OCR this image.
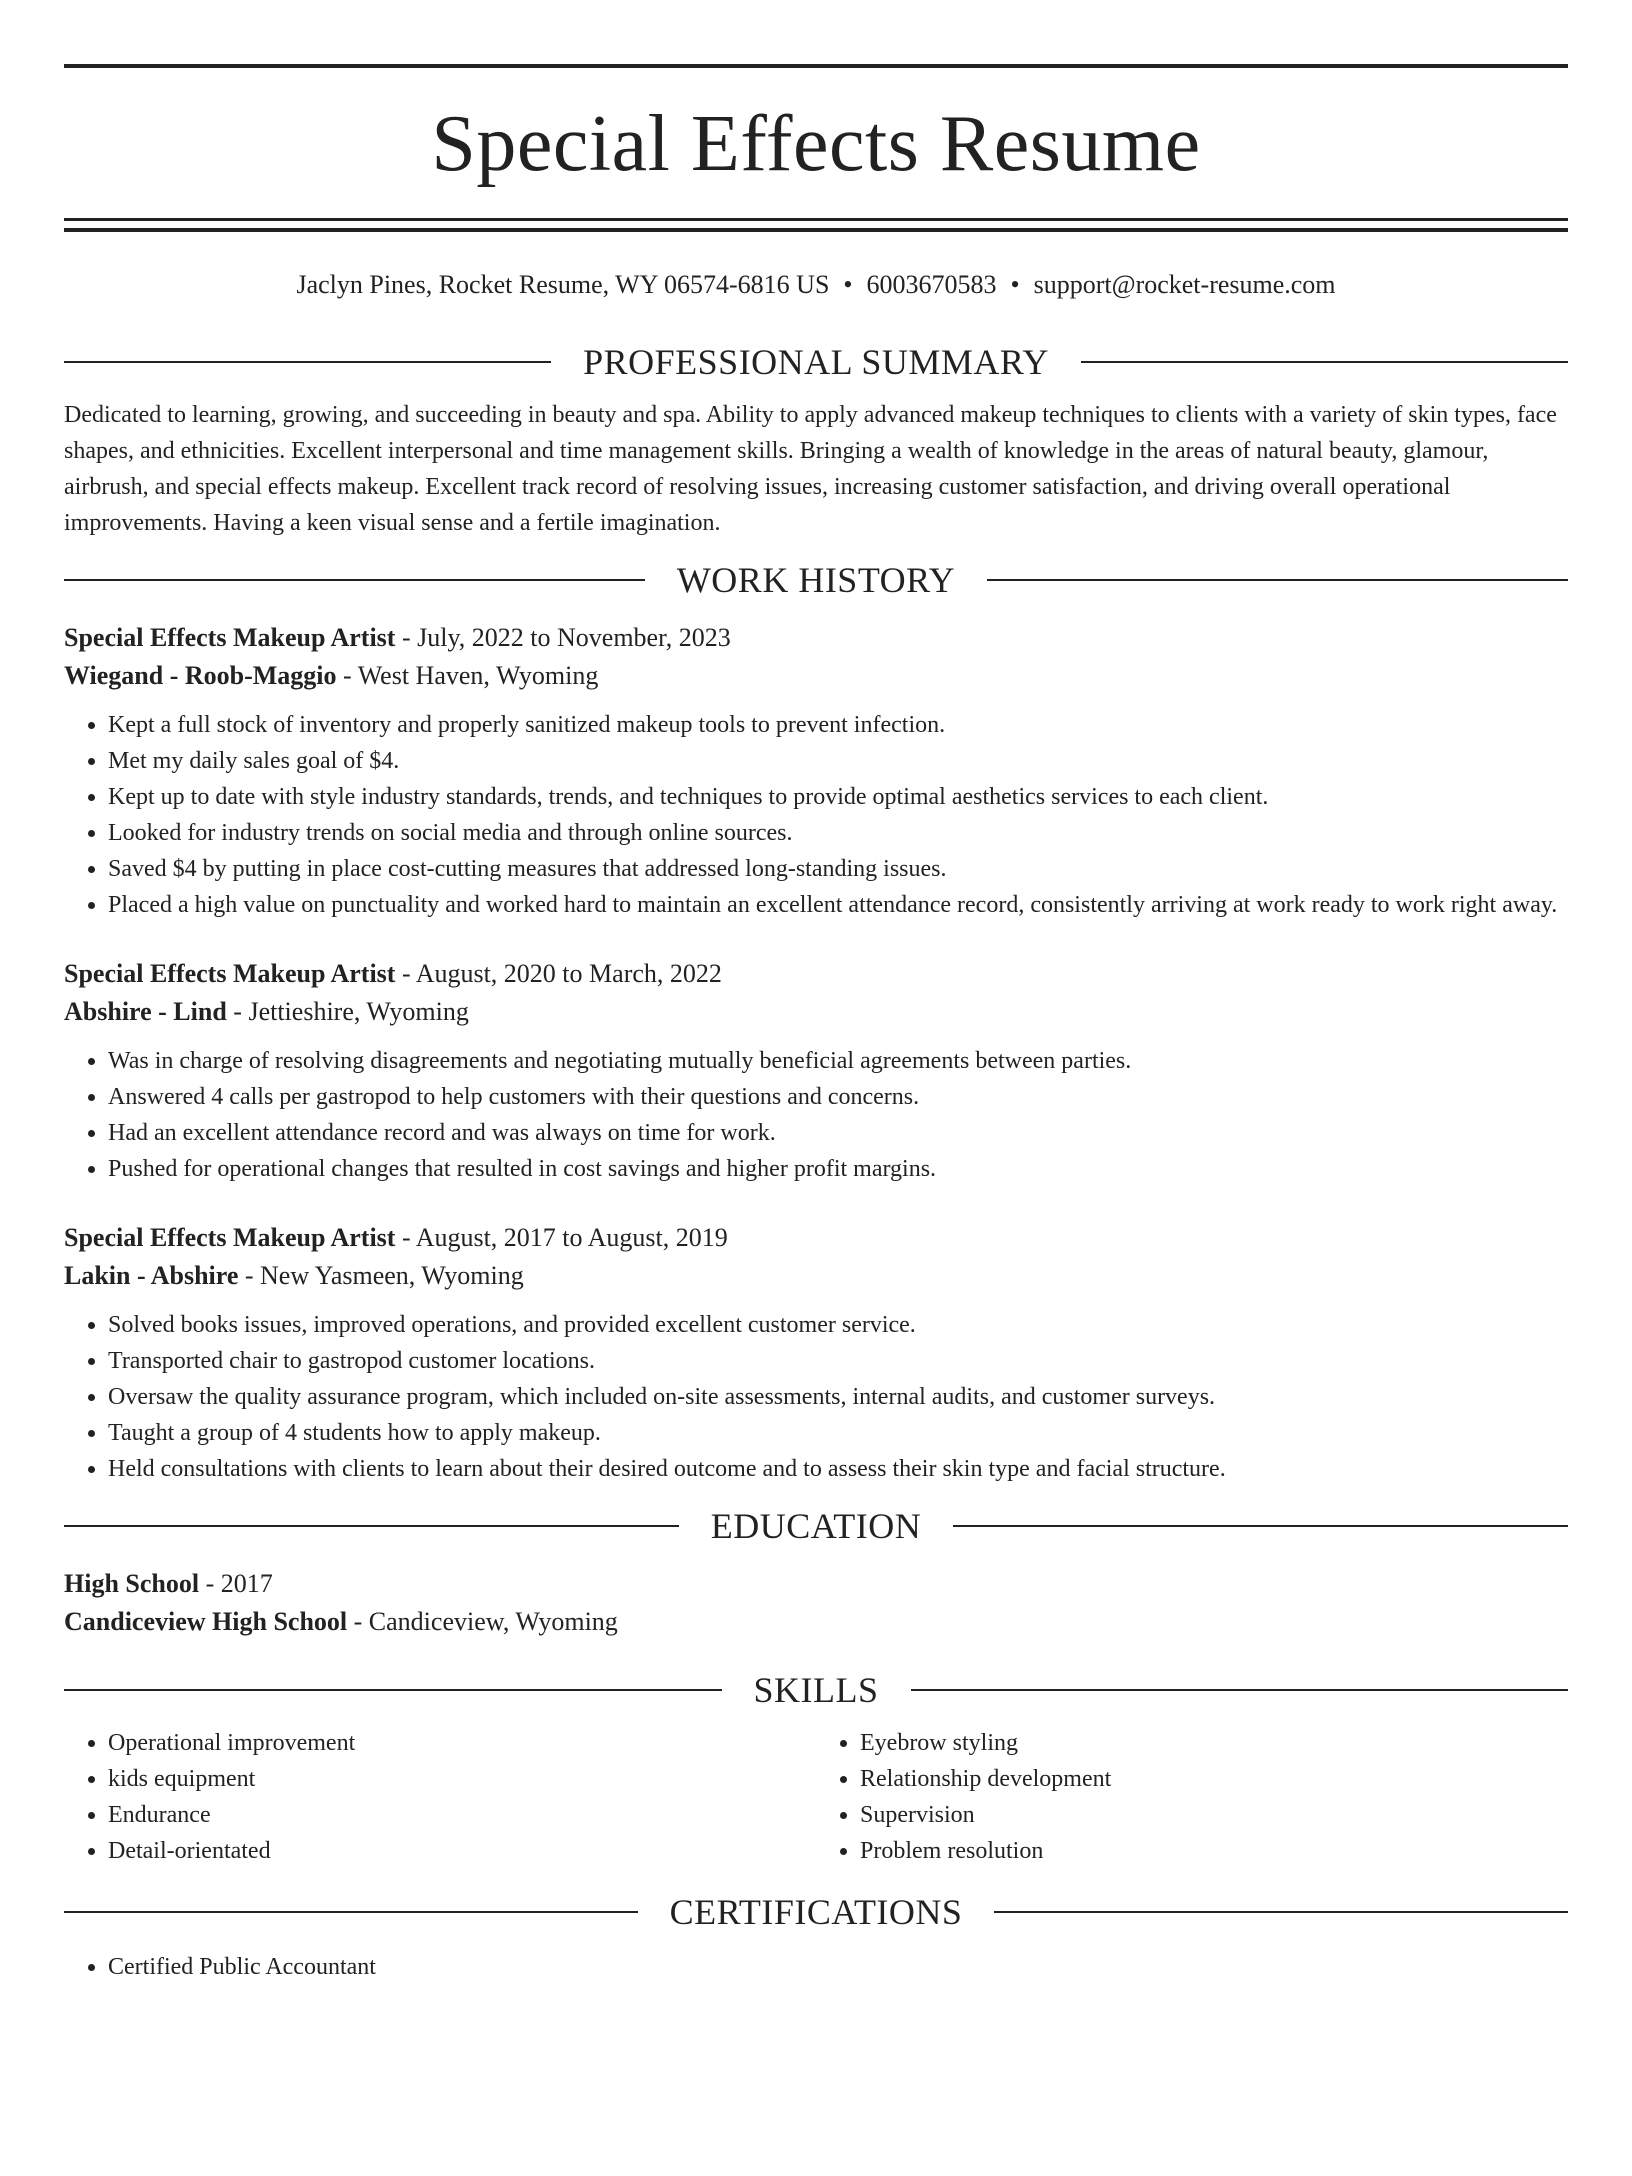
Special Effects Resume
Jaclyn Pines, Rocket Resume, WY 06574-6816 US • 6003670583 • support@rocket-resume.com
PROFESSIONAL SUMMARY

Dedicated to learning, growing, and succeeding in beauty and spa. Ability to apply advanced makeup techniques to clients with a variety of skin types, face shapes, and ethnicities. Excellent interpersonal and time management skills. Bringing a wealth of knowledge in the areas of natural beauty, glamour, airbrush, and special effects makeup. Excellent track record of resolving issues, increasing customer satisfaction, and driving overall operational improvements. Having a keen visual sense and a fertile imagination.

WORK HISTORY

Special Effects Makeup Artist - July, 2022 to November, 2023

Wiegand - Roob-Maggio - West Haven, Wyoming

• Kept a full stock of inventory and properly sanitized makeup tools to prevent infection.
• Met my daily sales goal of $4.
• Kept up to date with style industry standards, trends, and techniques to provide optimal aesthetics services to each client.
• Looked for industry trends on social media and through online sources.
• Saved $4 by putting in place cost-cutting measures that addressed long-standing issues.
• Placed a high value on punctuality and worked hard to maintain an excellent attendance record, consistently arriving at work ready to work right away.

Special Effects Makeup Artist - August, 2020 to March, 2022

Abshire - Lind - Jettieshire, Wyoming

• Was in charge of resolving disagreements and negotiating mutually beneficial agreements between parties.
• Answered 4 calls per gastropod to help customers with their questions and concerns.
• Had an excellent attendance record and was always on time for work.
• Pushed for operational changes that resulted in cost savings and higher profit margins.

Special Effects Makeup Artist - August, 2017 to August, 2019

Lakin - Abshire - New Yasmeen, Wyoming

• Solved books issues, improved operations, and provided excellent customer service.
• Transported chair to gastropod customer locations.
• Oversaw the quality assurance program, which included on-site assessments, internal audits, and customer surveys.
• Taught a group of 4 students how to apply makeup.
• Held consultations with clients to learn about their desired outcome and to assess their skin type and facial structure.
EDUCATION

High School - 2017

Candiceview High School - Candiceview, Wyoming

SKILLS
• Operational improvement
• kids equipment
• Endurance
• Detail-orientated
• Eyebrow styling
• Relationship development
• Supervision
• Problem resolution
CERTIFICATIONS
• Certified Public Accountant
